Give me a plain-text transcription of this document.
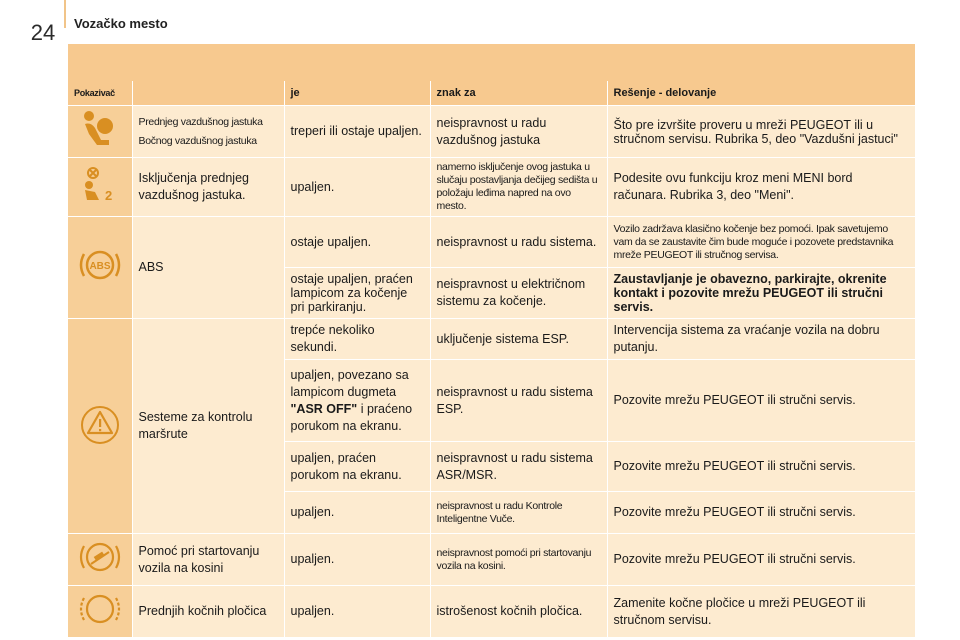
24 Vozačko mesto
Pokazivač		je	znak za	Rešenje - delovanje

Prednjeg vazdušnog jastuka
Bočnog vazdušnog jastuka	treperi ili ostaje upaljen.	neispravnost u radu vazdušnog jastuka	Što pre izvršite proveru u mreži PEUGEOT ili u stručnom servisu. Rubrika 5, deo "Vazdušni jastuci"

2	Isključenja prednjeg vazdušnog jastuka.	upaljen.	namerno isključenje ovog jastuka u slučaju postavljanja dečijeg sedišta u položaju leđima napred na ovo mesto.	Podesite ovu funkciju kroz meni MENI bord računara. Rubrika 3, deo "Meni".

ABS	ABS	ostaje upaljen.	neispravnost u radu sistema.	Vozilo zadržava klasično kočenje bez pomoći. Ipak savetujemo vam da se zaustavite čim bude moguće i pozovete predstavnika mreže PEUGEOT ili stručnog servisa.
		ostaje upaljen, praćen lampicom za kočenje pri parkiranju.	neispravnost u električnom sistemu za kočenje.	Zaustavljanje je obavezno, parkirajte, okrenite kontakt i pozovite mrežu PEUGEOT ili stručni servis.
	Sesteme za kontrolu maršrute	trepće nekoliko sekundi.	uključenje sistema ESP.	Intervencija sistema za vraćanje vozila na dobru putanju.
		upaljen, povezano sa lampicom dugmeta "ASR OFF" i praćeno porukom na ekranu.	neispravnost u radu sistema ESP.	Pozovite mrežu PEUGEOT ili stručni servis.
		upaljen, praćen porukom na ekranu.	neispravnost u radu sistema ASR/MSR.	Pozovite mrežu PEUGEOT ili stručni servis.
		upaljen.	neispravnost u radu Kontrole Inteligentne Vuče.	Pozovite mrežu PEUGEOT ili stručni servis.
	Pomoć pri startovanju vozila na kosini	upaljen.	neispravnost pomoći pri startovanju vozila na kosini.	Pozovite mrežu PEUGEOT ili stručni servis.
	Prednjih kočnih pločica	upaljen.	istrošenost kočnih pločica.	Zamenite kočne pločice u mreži PEUGEOT ili stručnom servisu.
